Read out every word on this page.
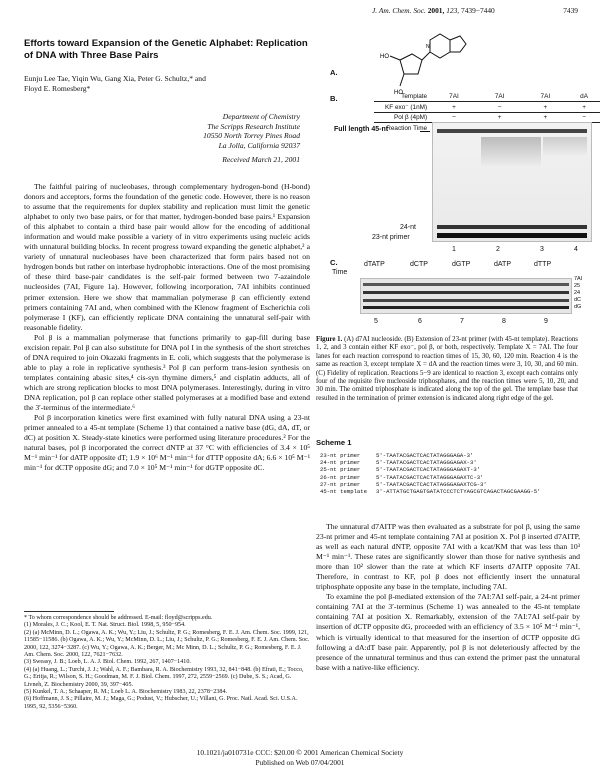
J. Am. Chem. Soc. 2001, 123, 7439−7440	7439
Efforts toward Expansion of the Genetic Alphabet: Replication of DNA with Three Base Pairs
Eunju Lee Tae, Yiqin Wu, Gang Xia, Peter G. Schultz,* and
Floyd E. Romesberg*
Department of Chemistry
The Scripps Research Institute
10550 North Torrey Pines Road
La Jolla, California 92037
Received March 21, 2001

The faithful pairing of nucleobases, through complementary hydrogen-bond (H-bond) donors and acceptors, forms the foundation of the genetic code. However, there is no reason to assume that the requirements for duplex stability and replication must limit the genetic alphabet to only two base pairs, or for that matter, hydrogen-bonded base pairs.¹ Expansion of this alphabet to contain a third base pair would allow for the encoding of additional information and would make possible a variety of in vitro experiments using nucleic acids with unnatural building blocks. In recent progress toward expanding the genetic alphabet,² a variety of unnatural nucleobases have been characterized that form pairs based not on hydrogen bonds but rather on interbase hydrophobic interactions. One of the most promising of these third base-pair candidates is the self-pair formed between two 7-azaindole nucleosides (7AI, Figure 1a). However, following incorporation, 7AI inhibits continued primer extension. Here we show that mammalian polymerase β can efficiently extend primers containing 7AI and, when combined with the Klenow fragment of Escherichia coli polymerase I (KF), can efficiently replicate DNA containing the unnatural self-pair with reasonable fidelity.

Pol β is a mammalian polymerase that functions primarily to gap-fill during base excision repair. Pol β can also substitute for DNA pol I in the synthesis of the short stretches of DNA required to join Okazaki fragments in E. coli, which suggests that the polymerase is able to play a role in replicative synthesis.³ Pol β can perform trans-lesion synthesis on templates containing abasic sites,⁴ cis-syn thymine dimers,⁵ and cisplatin adducts, all of which are strong replication blocks to most DNA polymerases. Interestingly, during in vitro DNA replication, pol β can replace other stalled polymerases at a modified base and extend the 3′-terminus of the intermediate.⁶

Pol β incorporation kinetics were first examined with fully natural DNA using a 23-nt primer annealed to a 45-nt template (Scheme 1) that contained a native base (dG, dA, dT, or dC) at position X. Steady-state kinetics were performed using literature procedures.² For the natural bases, pol β incorporated the correct dNTP at 37 °C with efficiencies of 3.4 × 10⁵ M⁻¹ min⁻¹ for dATP opposite dT; 1.9 × 10⁶ M⁻¹ min⁻¹ for dTTP opposite dA; 6.6 × 10⁵ M⁻¹ min⁻¹ for dCTP opposite dG; and 7.0 × 10⁵ M⁻¹ min⁻¹ for dGTP opposite dC.

* To whom correspondence should be addressed. E-mail: floyd@scripps.edu.

(1) Morales, J. C.; Kool, E. T. Nat. Struct. Biol. 1998, 5, 950−954.

(2) (a) McMinn, D. L.; Ogawa, A. K.; Wu, Y.; Liu, J.; Schultz, P. G.; Romesberg, F. E. J. Am. Chem. Soc. 1999, 121, 11585−11586. (b) Ogawa, A. K.; Wu, Y.; McMinn, D. L.; Liu, J.; Schultz, P. G.; Romesberg, F. E. J. Am. Chem. Soc. 2000, 122, 3274−3287. (c) Wu, Y.; Ogawa, A. K.; Berger, M.; Mc Minn, D. L.; Schultz, P. G.; Romesberg, F. E. J. Am. Chem. Soc. 2000, 122, 7621−7632.

(3) Sweasy, J. B.; Loeb, L. A. J. Biol. Chem. 1992, 267, 1407−1410.

(4) (a) Huang, L.; Turchi, J. J.; Wahl, A. F.; Bambara, R. A. Biochemistry 1993, 32, 841−848. (b) Efrati, E.; Tocco, G.; Eritja, R.; Wilson, S. H.; Goodman, M. F. J. Biol. Chem. 1997, 272, 2559−2569. (c) Dube, S. S.; Acad, G. Livneh, Z. Biochemistry 2000, 39, 397−405.

(5) Kunkel, T. A.; Schaaper, R. M.; Loeb L. A. Biochemistry 1983, 22, 2378−2384.

(6) Hoffmann, J. S.; Pillaire, M. J.; Maga, G.; Podust, V.; Hubscher, U.; Villani, G. Proc. Natl. Acad. Sci. U.S.A. 1995, 92, 5356−5360.

A.
HO
HO
N
B.	Template	7AI	7AI	7AI	dA
KF exo⁻ (1nM)	+	−	+	+
Pol β (4pM)	−	+	+	−
Reaction Time	
Full length 45-nt
24-nt
23-nt primer
1	2	3	4
C.
Time
dTATP	dCTP	dGTP	dATP	dTTP
7AI
25
24
dC
dG
5	6	7	8	9
Figure 1. (A) d7AI nucleoside. (B) Extension of 23-nt primer (with 45-nt template). Reactions 1, 2, and 3 contain either KF exo⁻, pol β, or both, respectively. Template X = 7AI. The four lanes for each reaction correspond to reaction times of 15, 30, 60, 120 min. Reaction 4 is the same as reaction 3, except template X = dA and the reaction times were 3, 10, 30, and 60 min. (C) Fidelity of replication. Reactions 5−9 are identical to reaction 3, except each contains only four of the requisite five nucleoside triphosphates, and the reaction times were 5, 10, 20, and 30 min. The omitted triphosphate is indicated along the top of the gel. The template base that resulted in the termination of primer extension is indicated along right edge of the gel.
Scheme 1
23-nt primer	5′-TAATACGACTCACTATAGGGAGA-3′
24-nt primer	5′-TAATACGACTCACTATAGGGAGAX-3′
25-nt primer	5′-TAATACGACTCACTATAGGGAGAXT-3′
26-nt primer	5′-TAATACGACTCACTATAGGGAGAXTC-3′
27-nt primer	5′-TAATACGACTCACTATAGGGAGAXTCG-3′
45-nt template 3′-ATTATGCTGAGTGATATCCCTCTYAGCGTCAGACTAGCGAAGG-5′

The unnatural d7AITP was then evaluated as a substrate for pol β, using the same 23-nt primer and 45-nt template containing 7AI at position X. Pol β inserted d7AITP, as well as each natural dNTP, opposite 7AI with a kcat/KM that was less than 10³ M⁻¹ min⁻¹. These rates are significantly slower than those for native synthesis and more than 10² slower than the rate at which KF inserts d7AITP opposite 7AI. Therefore, in contrast to KF, pol β does not efficiently insert the unnatural triphosphate opposite any base in the template, including 7AI.

To examine the pol β-mediated extension of the 7AI:7AI self-pair, a 24-nt primer containing 7AI at the 3′-terminus (Scheme 1) was annealed to the 45-nt template containing 7AI at position X. Remarkably, extension of the 7AI:7AI self-pair by insertion of dCTP opposite dG, proceeded with an efficiency of 3.5 × 10⁵ M⁻¹ min⁻¹, which is virtually identical to that measured for the insertion of dCTP opposite dG following a dA:dT base pair. Apparently, pol β is not deleteriously affected by the presence of the unnatural terminus and thus can extend the primer past the unnatural base with a native-like efficiency.

10.1021/ja010731e CCC: $20.00 © 2001 American Chemical Society
Published on Web 07/04/2001
